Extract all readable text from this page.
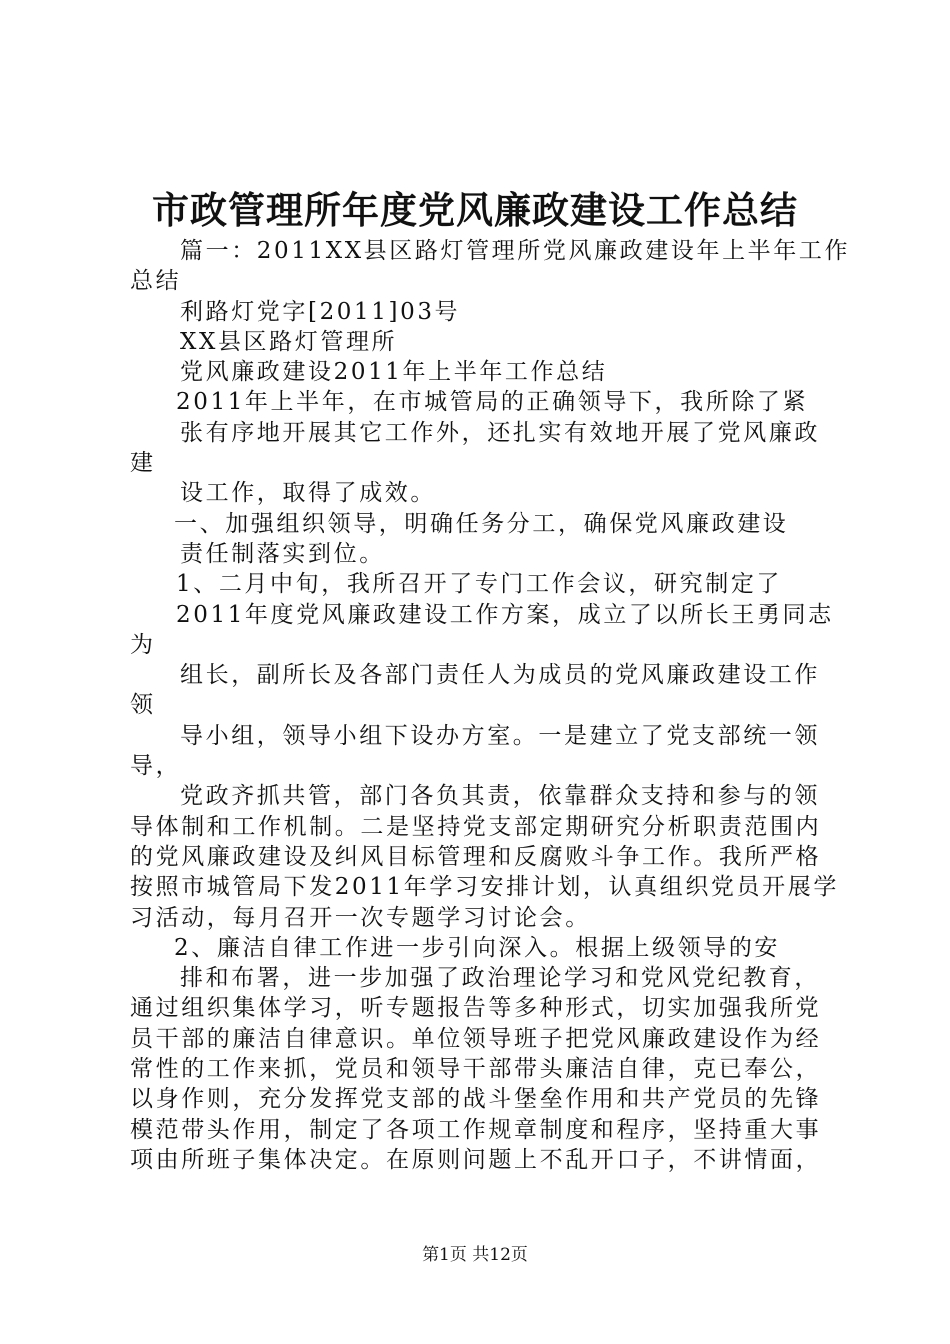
市政管理所年度党风廉政建设工作总结
篇一：2011XX县区路灯管理所党风廉政建设年上半年工作
总结
利路灯党字[2011]03号
XX县区路灯管理所
党风廉政建设2011年上半年工作总结
2011年上半年，在市城管局的正确领导下，我所除了紧
张有序地开展其它工作外，还扎实有效地开展了党风廉政
建
设工作，取得了成效。
一、加强组织领导，明确任务分工，确保党风廉政建设
责任制落实到位。
1、二月中旬，我所召开了专门工作会议，研究制定了
2011年度党风廉政建设工作方案，成立了以所长王勇同志
为
组长，副所长及各部门责任人为成员的党风廉政建设工作
领
导小组，领导小组下设办方室。一是建立了党支部统一领
导，
党政齐抓共管，部门各负其责，依靠群众支持和参与的领
导体制和工作机制。二是坚持党支部定期研究分析职责范围内
的党风廉政建设及纠风目标管理和反腐败斗争工作。我所严格
按照市城管局下发2011年学习安排计划，认真组织党员开展学
习活动，每月召开一次专题学习讨论会。
2、廉洁自律工作进一步引向深入。根据上级领导的安
排和布署，进一步加强了政治理论学习和党风党纪教育，
通过组织集体学习，听专题报告等多种形式，切实加强我所党
员干部的廉洁自律意识。单位领导班子把党风廉政建设作为经
常性的工作来抓，党员和领导干部带头廉洁自律，克已奉公，
以身作则，充分发挥党支部的战斗堡垒作用和共产党员的先锋
模范带头作用，制定了各项工作规章制度和程序，坚持重大事
项由所班子集体决定。在原则问题上不乱开口子，不讲情面，
第1页 共12页
